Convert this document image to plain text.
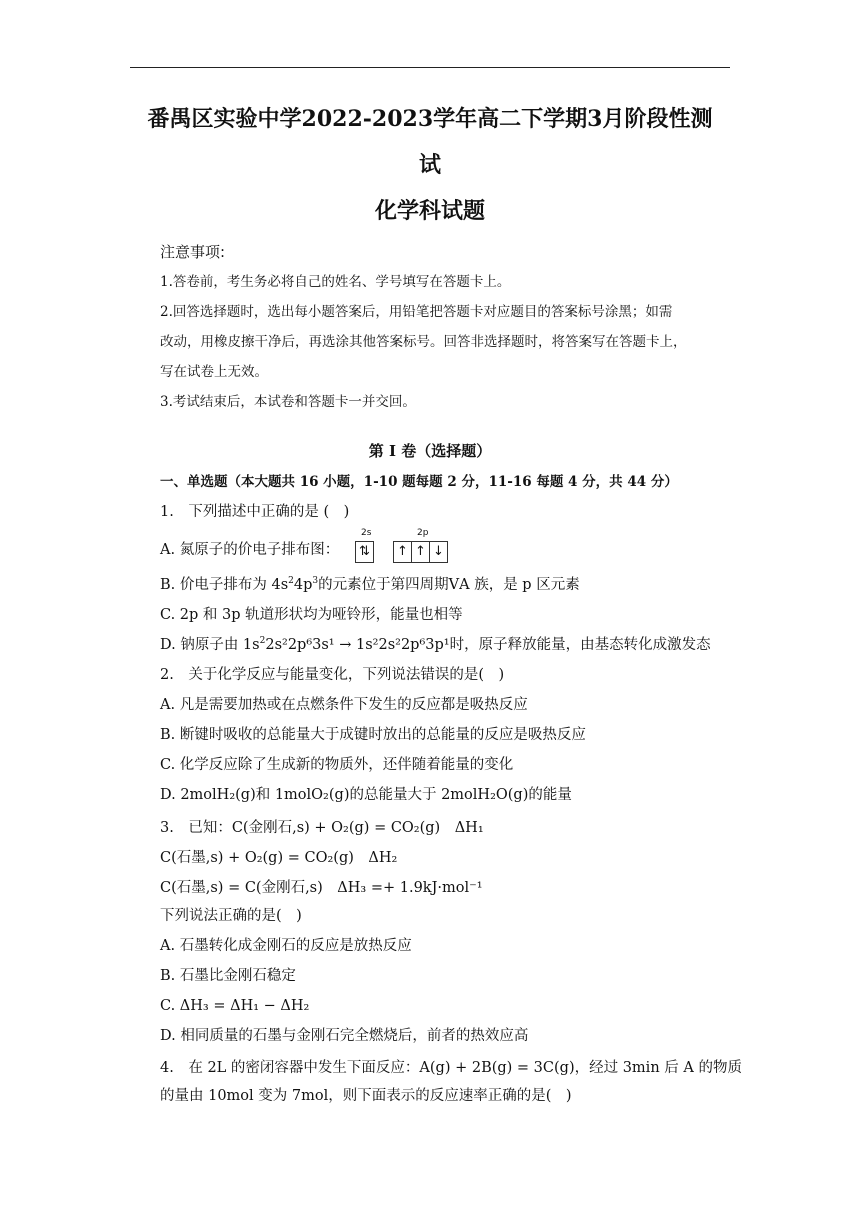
番禺区实验中学2022-2023学年高二下学期3月阶段性测
试
化学科试题
注意事项:
1.答卷前，考生务必将自己的姓名、学号填写在答题卡上。
2.回答选择题时，选出每小题答案后，用铅笔把答题卡对应题目的答案标号涂黑；如需
改动，用橡皮擦干净后，再选涂其他答案标号。回答非选择题时，将答案写在答题卡上，
写在试卷上无效。
3.考试结束后，本试卷和答题卡一并交回。
第 I 卷（选择题）
一、单选题（本大题共 16 小题，1-10 题每题 2 分，11-16 每题 4 分，共 44 分）
1.　下列描述中正确的是 (　)
A. 氮原子的价电子排布图：
2s	2p
⇅	↑ ↑ ↓
B. 价电子排布为 $4s^24p^3$的元素位于第四周期ⅤA 族，是 p 区元素
C. 2p 和 3p 轨道形状均为哑铃形，能量也相等
D. 钠原子由 $1s^22s^22p^63s^1 \to 1s^22s^22p^63p^1$时，原子释放能量，由基态转化成激发态
2.　关于化学反应与能量变化，下列说法错误的是(　)
A. 凡是需要加热或在点燃条件下发生的反应都是吸热反应
B. 断键时吸收的总能量大于成键时放出的总能量的反应是吸热反应
C. 化学反应除了生成新的物质外，还伴随着能量的变化
D. 2molH₂(g)和 1molO₂(g)的总能量大于 2molH₂O(g)的能量
3.　已知：C(金刚石,s) + O₂(g) = CO₂(g)　ΔH₁
C(石墨,s) + O₂(g) = CO₂(g)　ΔH₂
C(石墨,s) = C(金刚石,s)　ΔH₃ =+ 1.9kJ·mol⁻¹
下列说法正确的是(　)
A. 石墨转化成金刚石的反应是放热反应
B. 石墨比金刚石稳定
C. ΔH₃ = ΔH₁ − ΔH₂
D. 相同质量的石墨与金刚石完全燃烧后，前者的热效应高
4.　在 2L 的密闭容器中发生下面反应：A(g) + 2B(g) = 3C(g)，经过 3min 后 A 的物质
的量由 10mol 变为 7mol，则下面表示的反应速率正确的是(　)
